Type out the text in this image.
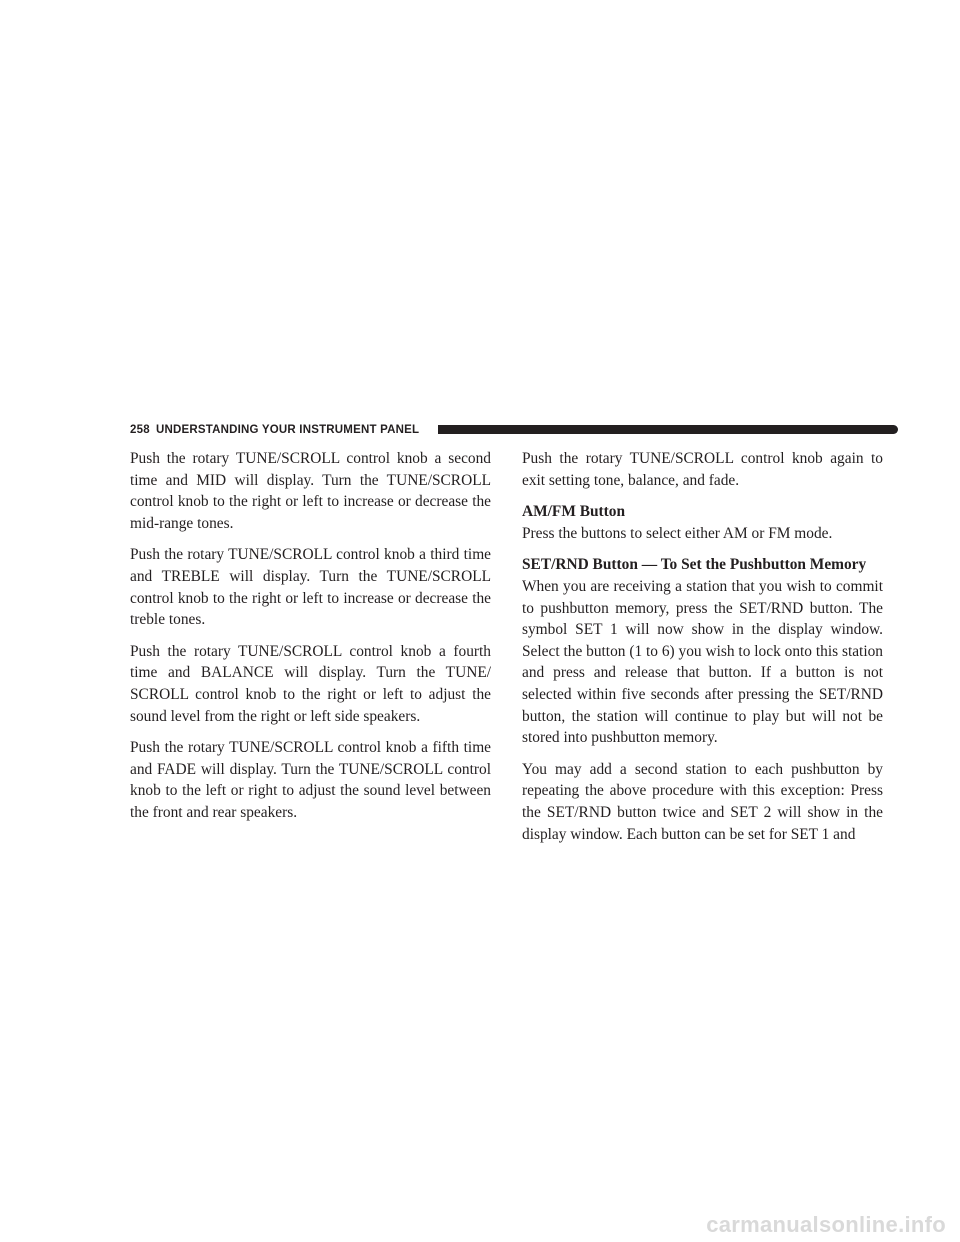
258 UNDERSTANDING YOUR INSTRUMENT PANEL

Push the rotary TUNE/SCROLL control knob a second time and MID will display. Turn the TUNE/SCROLL control knob to the right or left to increase or decrease the mid-range tones.

Push the rotary TUNE/SCROLL control knob a third time and TREBLE will display. Turn the TUNE/SCROLL control knob to the right or left to increase or decrease the treble tones.

Push the rotary TUNE/SCROLL control knob a fourth time and BALANCE will display. Turn the TUNE/ SCROLL control knob to the right or left to adjust the sound level from the right or left side speakers.

Push the rotary TUNE/SCROLL control knob a fifth time and FADE will display. Turn the TUNE/SCROLL control knob to the left or right to adjust the sound level between the front and rear speakers.

Push the rotary TUNE/SCROLL control knob again to exit setting tone, balance, and fade.

AM/FM Button

Press the buttons to select either AM or FM mode.

SET/RND Button — To Set the Pushbutton Memory

When you are receiving a station that you wish to commit to pushbutton memory, press the SET/RND button. The symbol SET 1 will now show in the display window. Select the button (1 to 6) you wish to lock onto this station and press and release that button. If a button is not selected within five seconds after pressing the SET/RND button, the station will continue to play but will not be stored into pushbutton memory.

You may add a second station to each pushbutton by repeating the above procedure with this exception: Press the SET/RND button twice and SET 2 will show in the display window. Each button can be set for SET 1 and

carmanualsonline.info
